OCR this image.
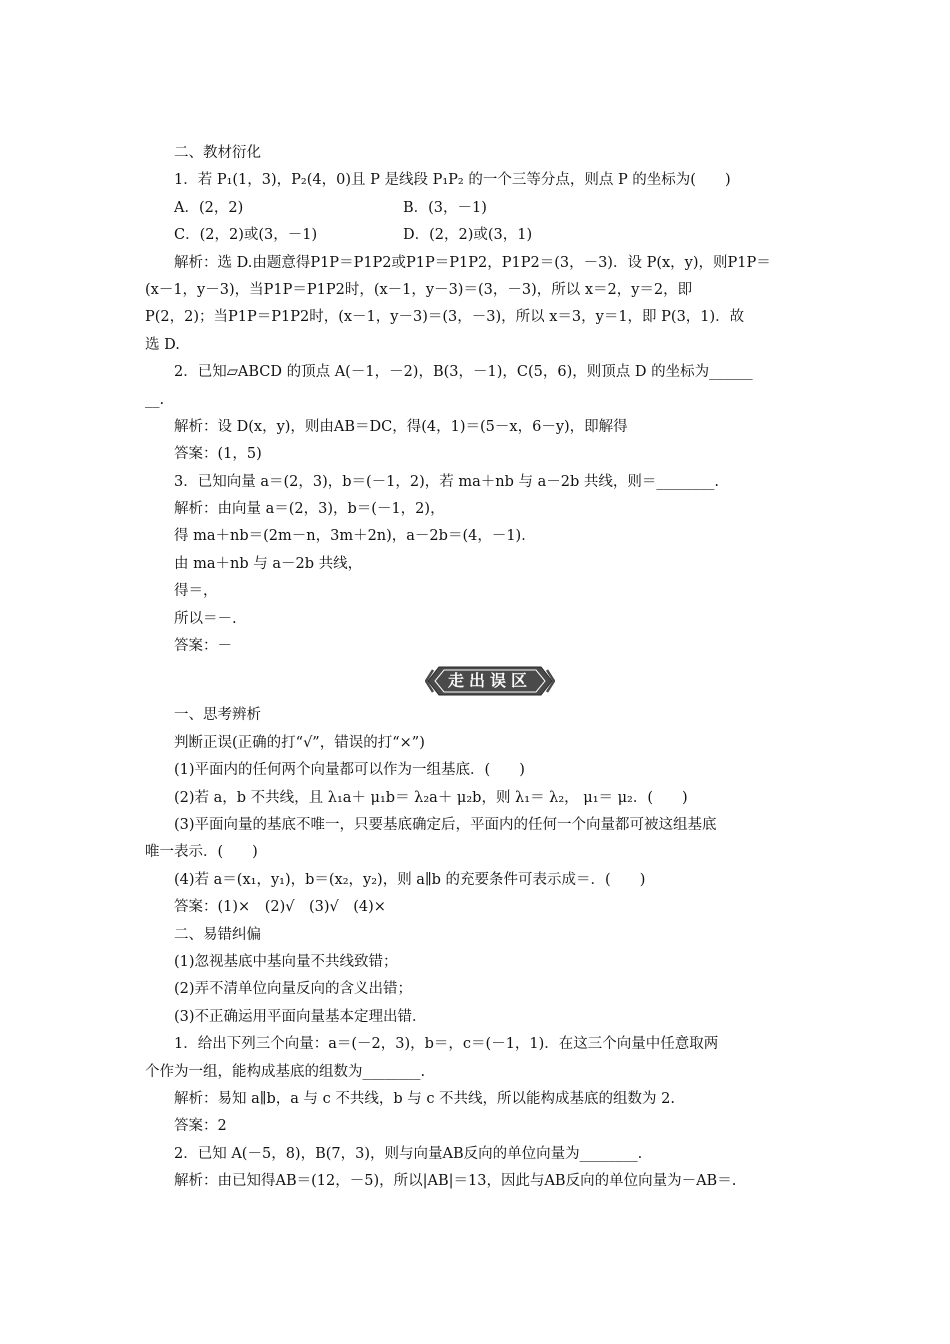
二、教材衍化
1．若 P₁(1，3)，P₂(4，0)且 P 是线段 P₁P₂ 的一个三等分点，则点 P 的坐标为(　　)
A．(2，2)	B．(3，－1)
C．(2，2)或(3，－1)	D．(2，2)或(3，1)
解析：选 D.由题意得P1P＝P1P2或P1P＝P1P2，P1P2＝(3，－3)．设 P(x，y)，则P1P＝
(x－1，y－3)，当P1P＝P1P2时，(x－1，y－3)＝(3，－3)，所以 x＝2，y＝2，即
P(2，2)；当P1P＝P1P2时，(x－1，y－3)＝(3，－3)，所以 x＝3，y＝1，即 P(3，1)．故
选 D.
2．已知▱ABCD 的顶点 A(－1，－2)，B(3，－1)，C(5，6)，则顶点 D 的坐标为______
__.
解析：设 D(x，y)，则由AB＝DC，得(4，1)＝(5－x，6－y)，即解得
答案：(1，5)
3．已知向量 a＝(2，3)，b＝(－1，2)，若 ma＋nb 与 a－2b 共线，则＝________.
解析：由向量 a＝(2，3)，b＝(－1，2)，
得 ma＋nb＝(2m－n，3m＋2n)，a－2b＝(4，－1)．
由 ma＋nb 与 a－2b 共线，
得＝，
所以＝－.
答案：－
走出误区
一、思考辨析
判断正误(正确的打“√”，错误的打“×”)
(1)平面内的任何两个向量都可以作为一组基底．(　　)
(2)若 a，b 不共线，且 λ₁a＋ μ₁b＝ λ₂a＋ μ₂b，则 λ₁＝ λ₂， μ₁＝ μ₂．(　　)
(3)平面向量的基底不唯一，只要基底确定后，平面内的任何一个向量都可被这组基底
唯一表示．(　　)
(4)若 a＝(x₁，y₁)，b＝(x₂，y₂)，则 a∥b 的充要条件可表示成＝．(　　)
答案：(1)×　(2)√　(3)√　(4)×
二、易错纠偏
(1)忽视基底中基向量不共线致错；
(2)弄不清单位向量反向的含义出错；
(3)不正确运用平面向量基本定理出错．
1．给出下列三个向量：a＝(－2，3)，b＝，c＝(－1，1)．在这三个向量中任意取两
个作为一组，能构成基底的组数为________.
解析：易知 a∥b，a 与 c 不共线，b 与 c 不共线，所以能构成基底的组数为 2.
答案：2
2．已知 A(－5，8)，B(7，3)，则与向量AB反向的单位向量为________.
解析：由已知得AB＝(12，－5)，所以|AB|＝13，因此与AB反向的单位向量为－AB＝.
